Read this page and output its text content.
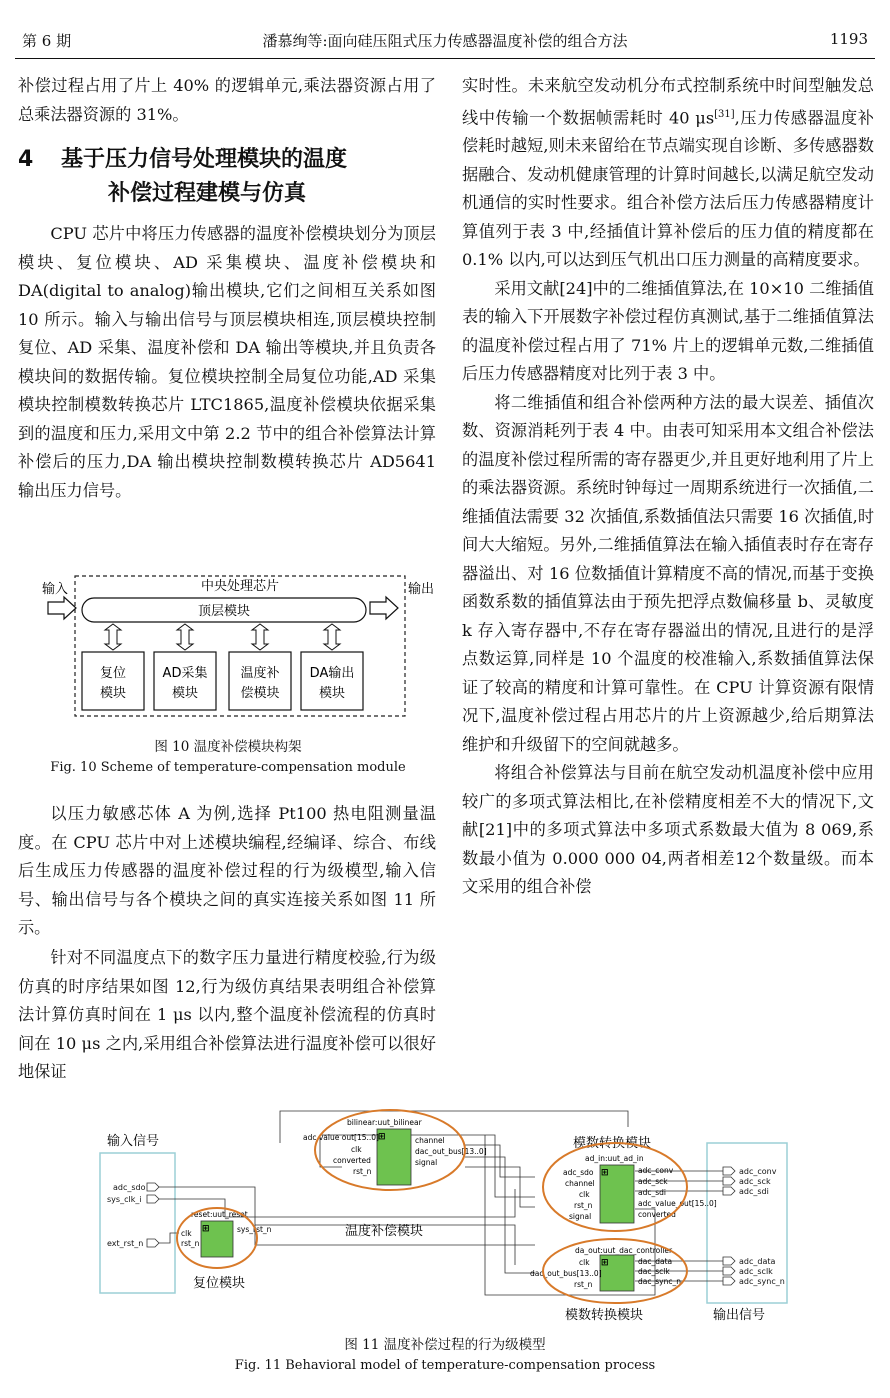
第 6 期	潘慕绚等:面向硅压阻式压力传感器温度补偿的组合方法	1193

补偿过程占用了片上 40% 的逻辑单元,乘法器资源占用了总乘法器资源的 31%。

4 基于压力信号处理模块的温度
补偿过程建模与仿真

CPU 芯片中将压力传感器的温度补偿模块划分为顶层模块、复位模块、AD 采集模块、温度补偿模块和 DA(digital to analog)输出模块,它们之间相互关系如图 10 所示。输入与输出信号与顶层模块相连,顶层模块控制复位、AD 采集、温度补偿和 DA 输出等模块,并且负责各模块间的数据传输。复位模块控制全局复位功能,AD 采集模块控制模数转换芯片 LTC1865,温度补偿模块依据采集到的温度和压力,采用文中第 2.2 节中的组合补偿算法计算补偿后的压力,DA 输出模块控制数模转换芯片 AD5641 输出压力信号。

中央处理芯片
输入	输出
顶层模块
复位
模块
AD采集
模块
温度补
偿模块
DA输出
模块
图 10 温度补偿模块构架
Fig. 10 Scheme of temperature-compensation module

以压力敏感芯体 A 为例,选择 Pt100 热电阻测量温度。在 CPU 芯片中对上述模块编程,经编译、综合、布线后生成压力传感器的温度补偿过程的行为级模型,输入信号、输出信号与各个模块之间的真实连接关系如图 11 所示。

针对不同温度点下的数字压力量进行精度校验,行为级仿真的时序结果如图 12,行为级仿真结果表明组合补偿算法计算仿真时间在 1 μs 以内,整个温度补偿流程的仿真时间在 10 μs 之内,采用组合补偿算法进行温度补偿可以很好地保证

实时性。未来航空发动机分布式控制系统中时间型触发总线中传输一个数据帧需耗时 40 μs[31],压力传感器温度补偿耗时越短,则未来留给在节点端实现自诊断、多传感器数据融合、发动机健康管理的计算时间越长,以满足航空发动机通信的实时性要求。组合补偿方法后压力传感器精度计算值列于表 3 中,经插值计算补偿后的压力值的精度都在 0.1% 以内,可以达到压气机出口压力测量的高精度要求。

采用文献[24]中的二维插值算法,在 10×10 二维插值表的输入下开展数字补偿过程仿真测试,基于二维插值算法的温度补偿过程占用了 71% 片上的逻辑单元数,二维插值后压力传感器精度对比列于表 3 中。

将二维插值和组合补偿两种方法的最大误差、插值次数、资源消耗列于表 4 中。由表可知采用本文组合补偿法的温度补偿过程所需的寄存器更少,并且更好地利用了片上的乘法器资源。系统时钟每过一周期系统进行一次插值,二维插值法需要 32 次插值,系数插值法只需要 16 次插值,时间大大缩短。另外,二维插值算法在输入插值表时存在寄存器溢出、对 16 位数插值计算精度不高的情况,而基于变换函数系数的插值算法由于预先把浮点数偏移量 b、灵敏度 k 存入寄存器中,不存在寄存器溢出的情况,且进行的是浮点数运算,同样是 10 个温度的校准输入,系数插值算法保证了较高的精度和计算可靠性。在 CPU 计算资源有限情况下,温度补偿过程占用芯片的片上资源越少,给后期算法维护和升级留下的空间就越多。

将组合补偿算法与目前在航空发动机温度补偿中应用较广的多项式算法相比,在补偿精度相差不大的情况下,文献[21]中的多项式算法中多项式系数最大值为 8 069,系数最小值为 0.000 000 04,两者相差12个数量级。而本文采用的组合补偿

输入信号
输出信号
adc_sdo
sys_clk_i
ext_rst_n
adc_conv
adc_sck
adc_sdi
adc_data
adc_sclk
adc_sync_n
reset:uut_reset
⊞
clk
rst_n
sys_rst_n
复位模块
bilinear:uut_bilinear
⊞
adc value out[15..0]
clk
converted
rst_n
channel
dac_out_bus[13..0]
signal
温度补偿模块
模数转换模块
ad_in:uut_ad_in
⊞
adc_sdo
channel
clk
rst_n
signal
adc_conv
adc_sck
adc_sdi
adc_value_out[15..0]
converted
da_out:uut_dac_controller
⊞
clk
dac_out_bus[13..0]
rst_n
dac_data
dac_sclk
dac_sync_n
模数转换模块
图 11 温度补偿过程的行为级模型
Fig. 11 Behavioral model of temperature-compensation process
